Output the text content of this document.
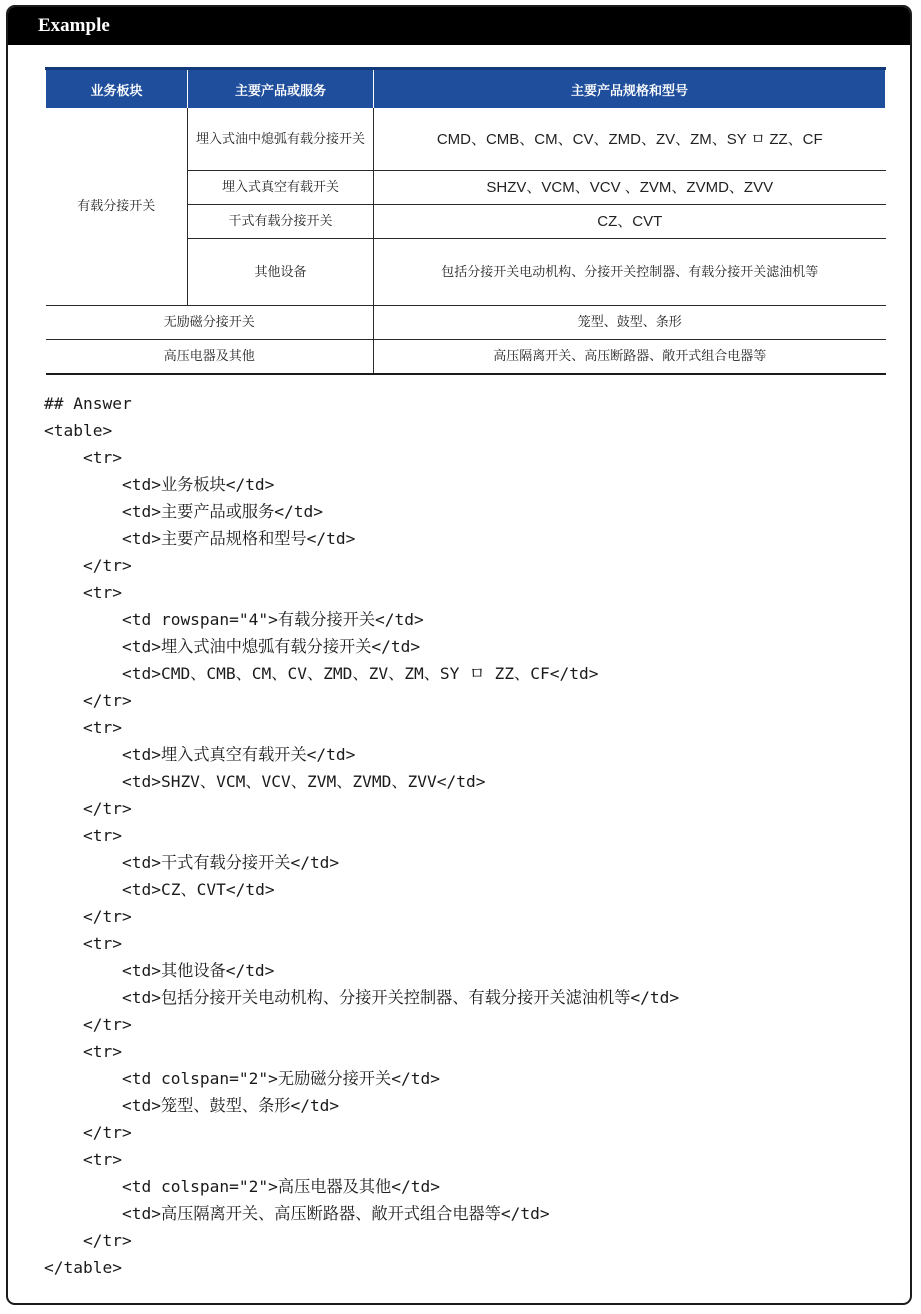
Example
业务板块	主要产品或服务	主要产品规格和型号
有载分接开关	埋入式油中熄弧有载分接开关	CMD、CMB、CM、CV、ZMD、ZV、ZM、SY ㅁ ZZ、CF
	埋入式真空有载开关	SHZV、VCM、VCV 、ZVM、ZVMD、ZVV
	干式有载分接开关	CZ、CVT
	其他设备	包括分接开关电动机构、分接开关控制器、有载分接开关滤油机等
无励磁分接开关		笼型、鼓型、条形
高压电器及其他		高压隔离开关、高压断路器、敞开式组合电器等
## Answer
<table>
<tr>
<td>业务板块</td>
<td>主要产品或服务</td>
<td>主要产品规格和型号</td>
</tr>
<tr>
<td rowspan="4">有载分接开关</td>
<td>埋入式油中熄弧有载分接开关</td>
<td>CMD、CMB、CM、CV、ZMD、ZV、ZM、SY ㅁ ZZ、CF</td>
</tr>
<tr>
<td>埋入式真空有载开关</td>
<td>SHZV、VCM、VCV、ZVM、ZVMD、ZVV</td>
</tr>
<tr>
<td>干式有载分接开关</td>
<td>CZ、CVT</td>
</tr>
<tr>
<td>其他设备</td>
<td>包括分接开关电动机构、分接开关控制器、有载分接开关滤油机等</td>
</tr>
<tr>
<td colspan="2">无励磁分接开关</td>
<td>笼型、鼓型、条形</td>
</tr>
<tr>
<td colspan="2">高压电器及其他</td>
<td>高压隔离开关、高压断路器、敞开式组合电器等</td>
</tr>
</table>
